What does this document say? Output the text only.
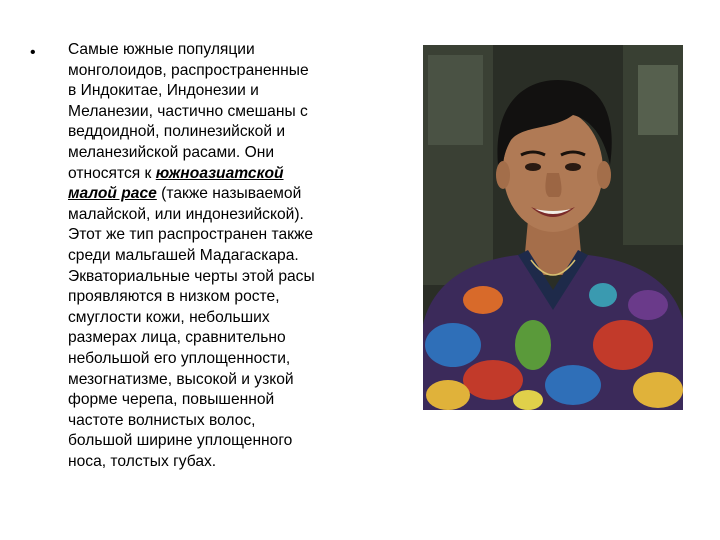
• Самые южные популяции
монголоидов, распространенные
в Индокитае, Индонезии и
Меланезии, частично смешаны с
веддоидной, полинезийской и
меланезийской расами. Они
относятся к южноазиатской
малой расе (также называемой
малайской, или индонезийской).
Этот же тип распространен также
среди мальгашей Мадагаскара.
Экваториальные черты этой расы
проявляются в низком росте,
смуглости кожи, небольших
размерах лица, сравнительно
небольшой его уплощенности,
мезогнатизме, высокой и узкой
форме черепа, повышенной
частоте волнистых волос,
большой ширине уплощенного
носа, толстых губах.
